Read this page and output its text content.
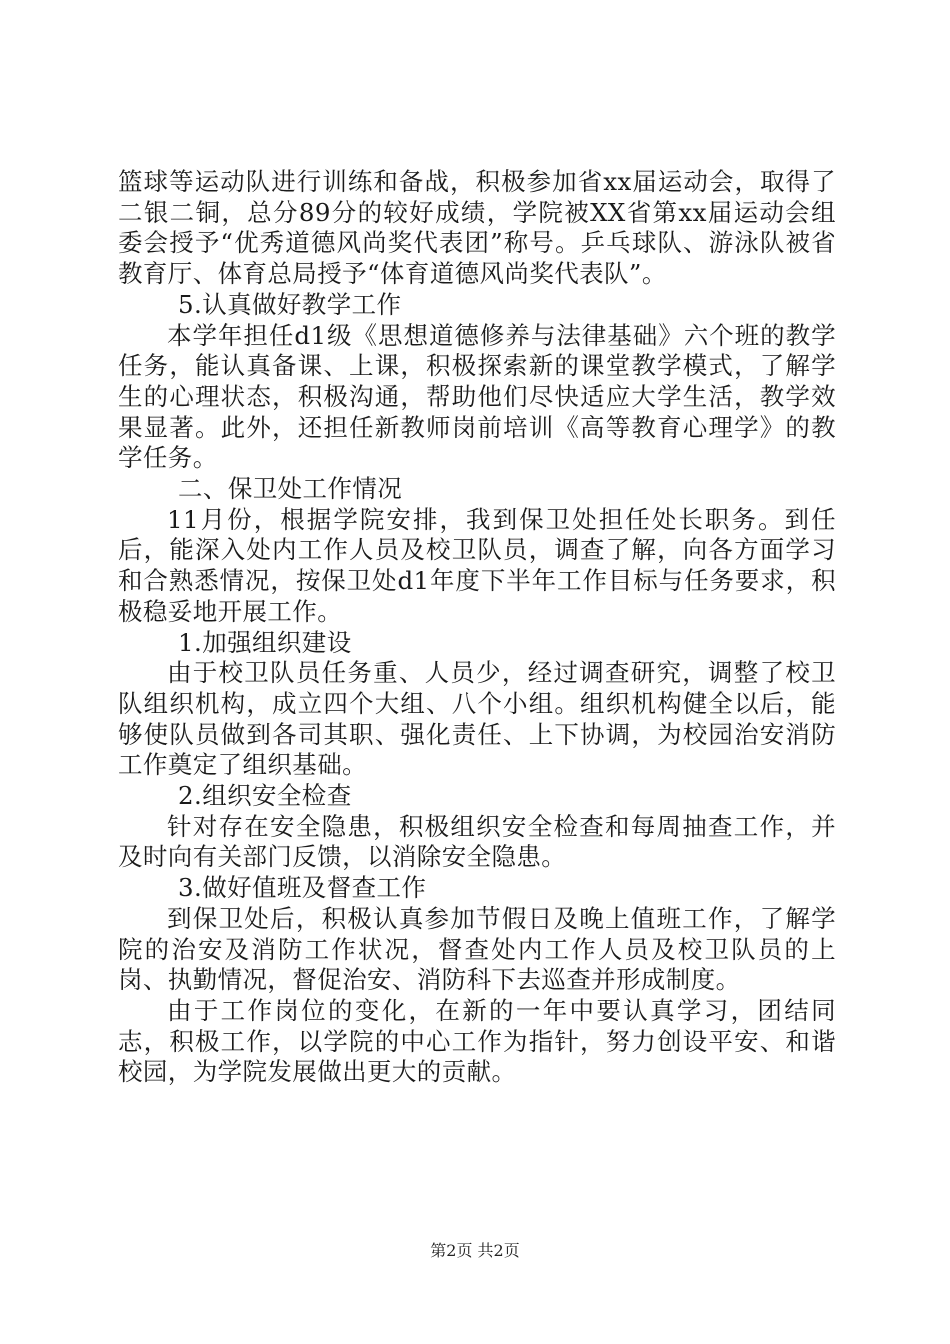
篮球等运动队进行训练和备战，积极参加省xx届运动会，取得了二银二铜，总分89分的较好成绩，学院被XX省第xx届运动会组委会授予“优秀道德风尚奖代表团”称号。乒乓球队、游泳队被省教育厅、体育总局授予“体育道德风尚奖代表队”。

5.认真做好教学工作

本学年担任d1级《思想道德修养与法律基础》六个班的教学任务，能认真备课、上课，积极探索新的课堂教学模式，了解学生的心理状态，积极沟通，帮助他们尽快适应大学生活，教学效果显著。此外，还担任新教师岗前培训《高等教育心理学》的教学任务。

二、保卫处工作情况

11月份，根据学院安排，我到保卫处担任处长职务。到任后，能深入处内工作人员及校卫队员，调查了解，向各方面学习和合熟悉情况，按保卫处d1年度下半年工作目标与任务要求，积极稳妥地开展工作。

1.加强组织建设

由于校卫队员任务重、人员少，经过调查研究，调整了校卫队组织机构，成立四个大组、八个小组。组织机构健全以后，能够使队员做到各司其职、强化责任、上下协调，为校园治安消防工作奠定了组织基础。

2.组织安全检查

针对存在安全隐患，积极组织安全检查和每周抽查工作，并及时向有关部门反馈，以消除安全隐患。

3.做好值班及督查工作

到保卫处后，积极认真参加节假日及晚上值班工作，了解学院的治安及消防工作状况，督查处内工作人员及校卫队员的上岗、执勤情况，督促治安、消防科下去巡查并形成制度。

由于工作岗位的变化，在新的一年中要认真学习，团结同志，积极工作，以学院的中心工作为指针，努力创设平安、和谐校园，为学院发展做出更大的贡献。

第2页 共2页
